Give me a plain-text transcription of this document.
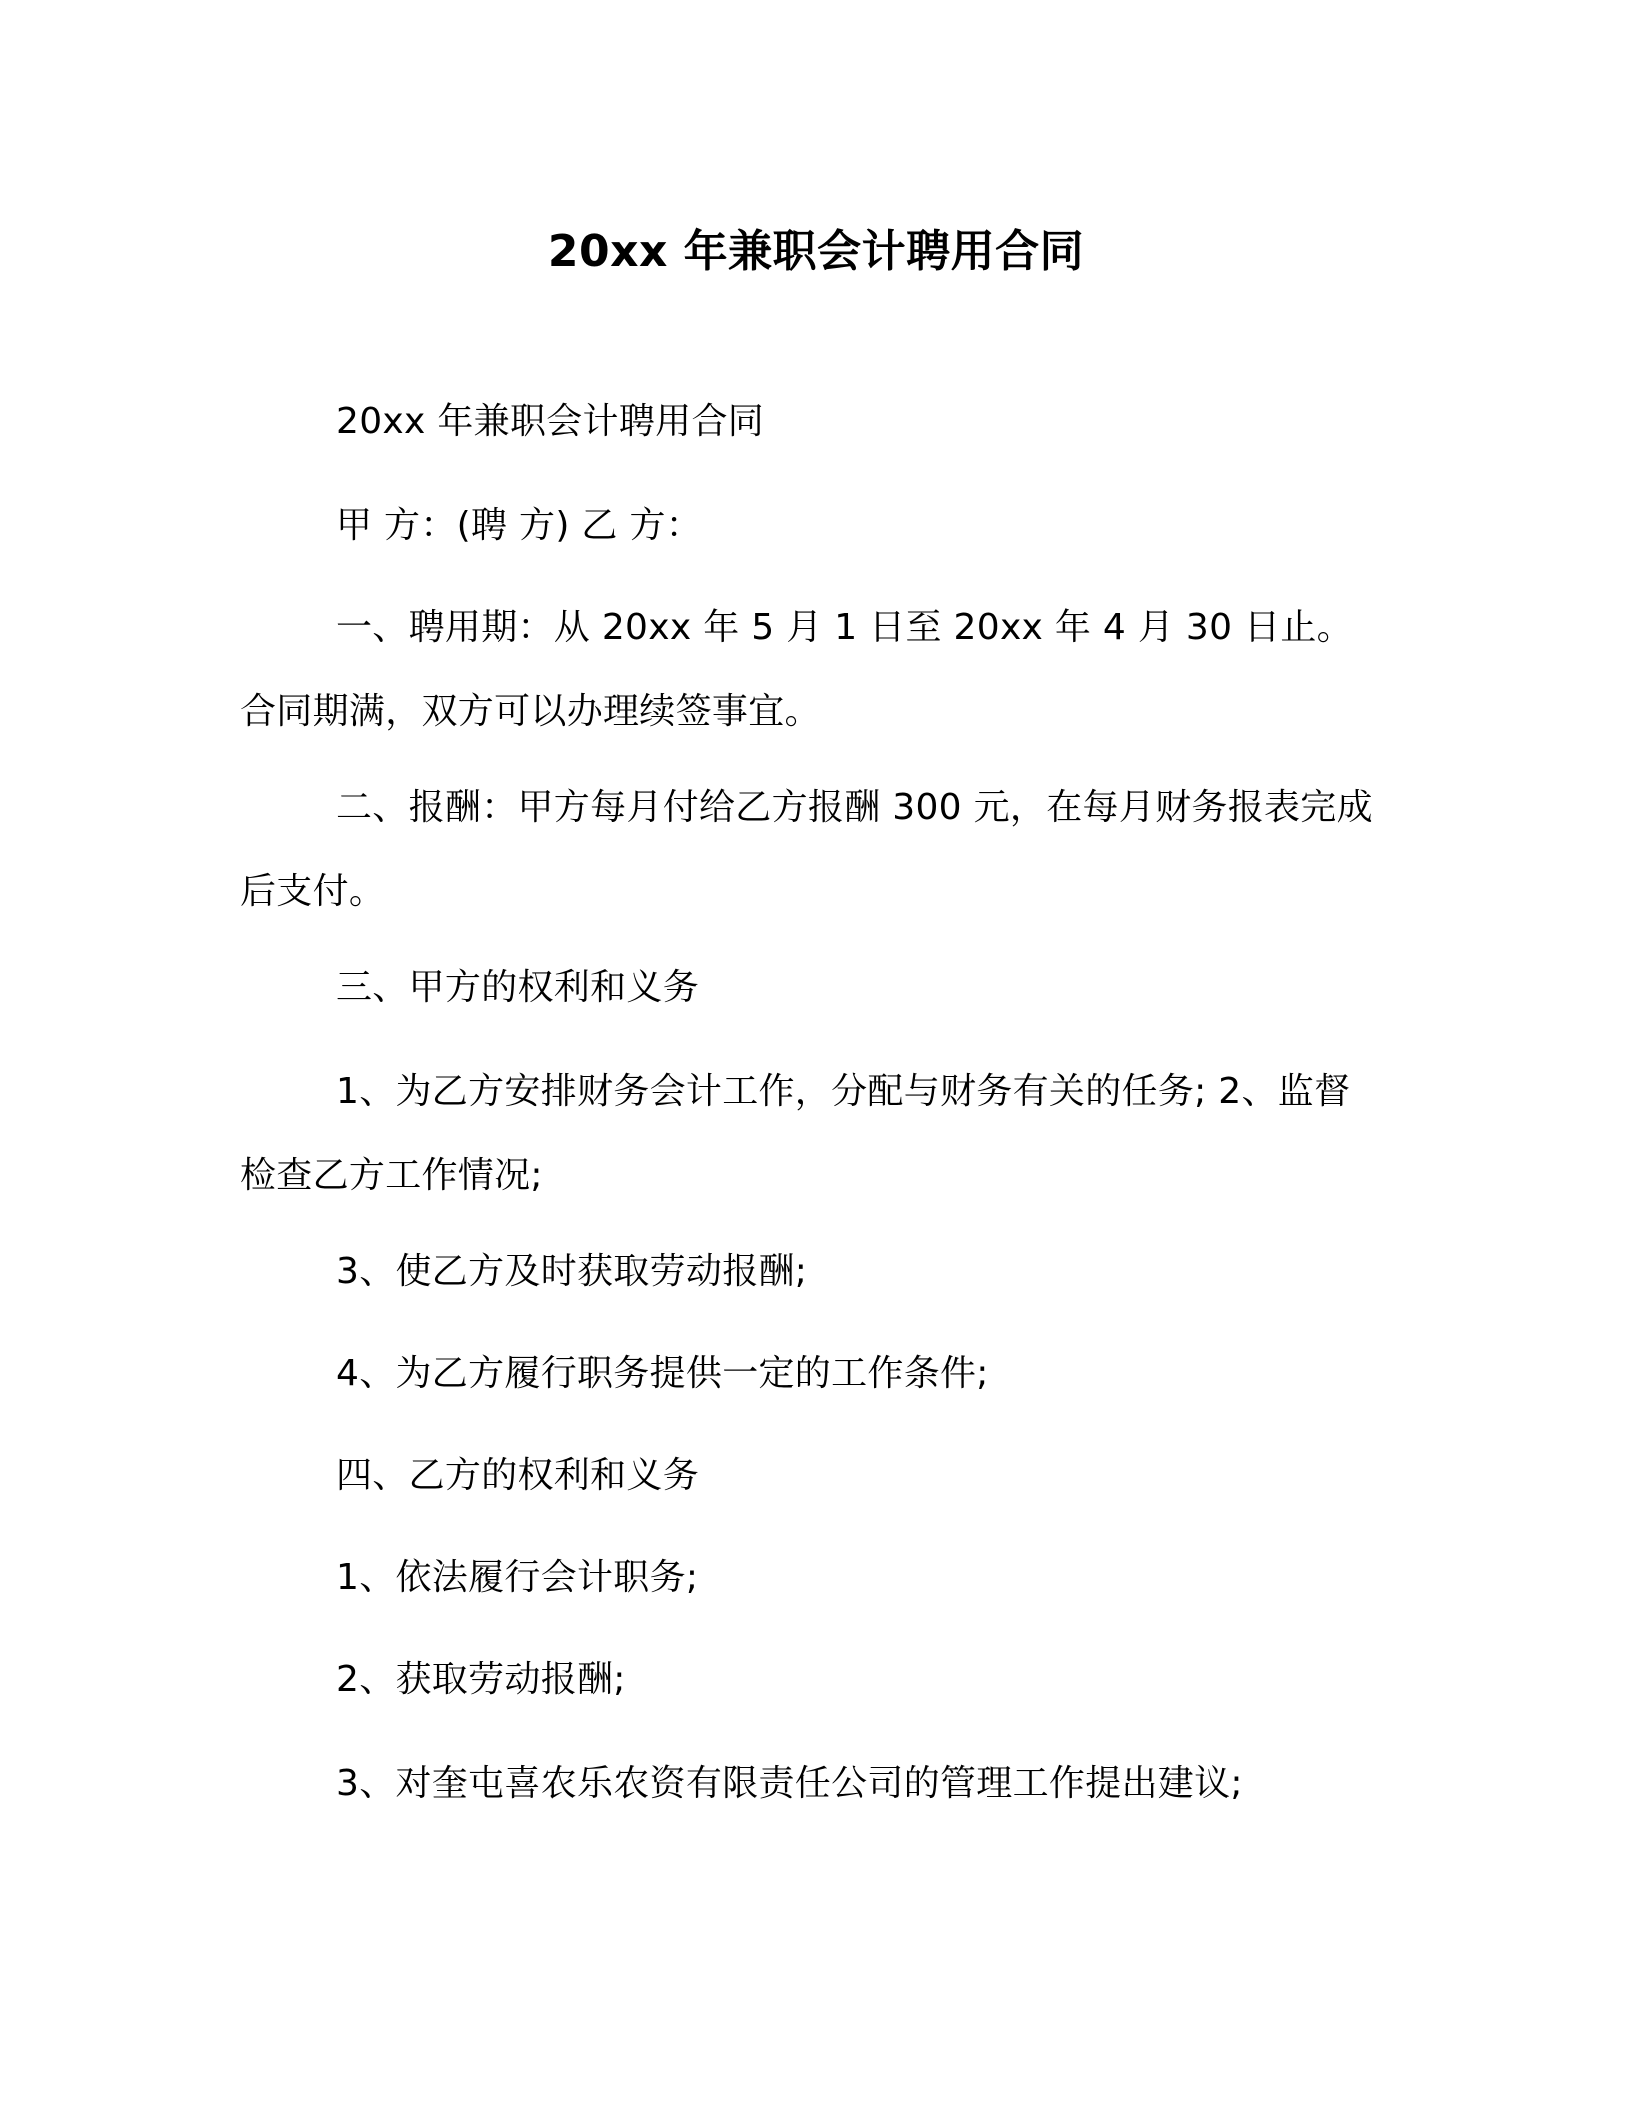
20xx 年兼职会计聘用合同
20xx 年兼职会计聘用合同
甲 方：(聘 方) 乙 方：
一、聘用期：从 20xx 年 5 月 1 日至 20xx 年 4 月 30 日止。合同期满，双方可以办理续签事宜。
二、报酬：甲方每月付给乙方报酬 300 元，在每月财务报表完成后支付。
三、甲方的权利和义务
1、为乙方安排财务会计工作，分配与财务有关的任务; 2、监督检查乙方工作情况;
3、使乙方及时获取劳动报酬;
4、为乙方履行职务提供一定的工作条件;
四、乙方的权利和义务
1、依法履行会计职务;
2、获取劳动报酬;
3、对奎屯喜农乐农资有限责任公司的管理工作提出建议;
